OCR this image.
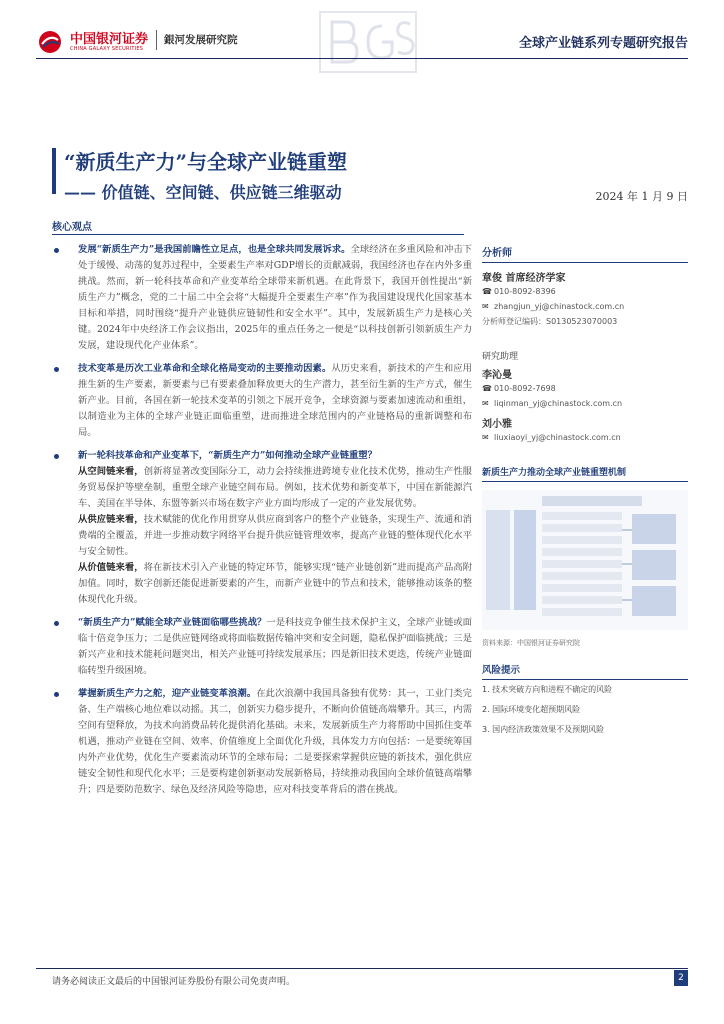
中国银河证券
CHINA GALAXY SECURITIES
銀河发展研究院	全球产业链系列专题研究报告
“新质生产力”与全球产业链重塑
—— 价值链、空间链、供应链三维驱动	2024 年 1 月 9 日
核心观点
发展“新质生产力”是我国前瞻性立足点，也是全球共同发展诉求。全球经济在多重风险和冲击下处于缓慢、动荡的复苏过程中，全要素生产率对GDP增长的贡献减弱，我国经济也存在内外多重挑战。然而，新一轮科技革命和产业变革给全球带来新机遇。在此背景下，我国开创性提出“新质生产力”概念，党的二十届二中全会将“大幅提升全要素生产率”作为我国建设现代化国家基本目标和举措，同时围绕“提升产业链供应链韧性和安全水平”。其中，发展新质生产力是核心关键。2024年中央经济工作会议指出，2025年的重点任务之一便是“以科技创新引领新质生产力发展，建设现代化产业体系”。
技术变革是历次工业革命和全球化格局变动的主要推动因素。从历史来看，新技术的产生和应用推生新的生产要素，新要素与已有要素叠加释放更大的生产潜力，甚至衍生新的生产方式，催生新产业。目前，各国在新一轮技术变革的引领之下展开竞争，全球资源与要素加速流动和重组，以制造业为主体的全球产业链正面临重塑，进而推进全球范围内的产业链格局的重新调整和布局。
新一轮科技革命和产业变革下，“新质生产力”如何推动全球产业链重塑？
从空间链来看，创新将显著改变国际分工，动力会持续推进跨境专业化技术优势，推动生产性服务贸易保护等壁垒制，重塑全球产业链空间布局。例如，技术优势和新变革下，中国在新能源汽车、美国在半导体、东盟等新兴市场在数字产业方面均形成了一定的产业发展优势。
从供应链来看，技术赋能的优化作用贯穿从供应商到客户的整个产业链条，实现生产、流通和消费端的全覆盖，并进一步推动数字网络平台提升供应链管理效率，提高产业链的整体现代化水平与安全韧性。
从价值链来看，将在新技术引入产业链的特定环节，能够实现“链产业链创新”进而提高产品高附加值。同时，数字创新还能促进新要素的产生，而新产业链中的节点和技术，能够推动该条的整体现代化升级。
“新质生产力”赋能全球产业链面临哪些挑战？一是科技竞争催生技术保护主义，全球产业链或面临十倍竞争压力；二是供应链网络或将面临数据传输冲突和安全问题，隐私保护面临挑战；三是新兴产业和技术能耗问题突出，相关产业链可持续发展承压；四是新旧技术更迭，传统产业链面临转型升级困境。
掌握新质生产力之舵，迎产业链变革浪潮。在此次浪潮中我国具备独有优势：其一，工业门类完备、生产端核心地位难以动摇。其二，创新实力稳步提升，不断向价值链高端攀升。其三，内需空间有望释放，为技术向消费品转化提供消化基础。未来，发展新质生产力将帮助中国抓住变革机遇，推动产业链在空间、效率、价值维度上全面优化升级，具体发力方向包括：一是要统筹国内外产业优势，优化生产要素流动环节的全球布局；二是要探索掌握供应链的新技术，强化供应链安全韧性和现代化水平；三是要构建创新驱动发展新格局，持续推动我国向全球价值链高端攀升；四是要防范数字、绿色及经济风险等隐患，应对科技变革背后的潜在挑战。
分析师
章俊 首席经济学家
☎ 010-8092-8396
✉ zhangjun_yj@chinastock.com.cn
分析师登记编码：S0130523070003
研究助理
李沁曼
☎ 010-8092-7698
✉ liqinman_yj@chinastock.com.cn
刘小雅
✉ liuxiaoyi_yj@chinastock.com.cn
新质生产力推动全球产业链重塑机制
资料来源：中国银河证券研究院
风险提示
1. 技术突破方向和进程不确定的风险
2. 国际环境变化超预期风险
3. 国内经济政策效果不及预期风险
请务必阅读正文最后的中国银河证券股份有限公司免责声明。	2
